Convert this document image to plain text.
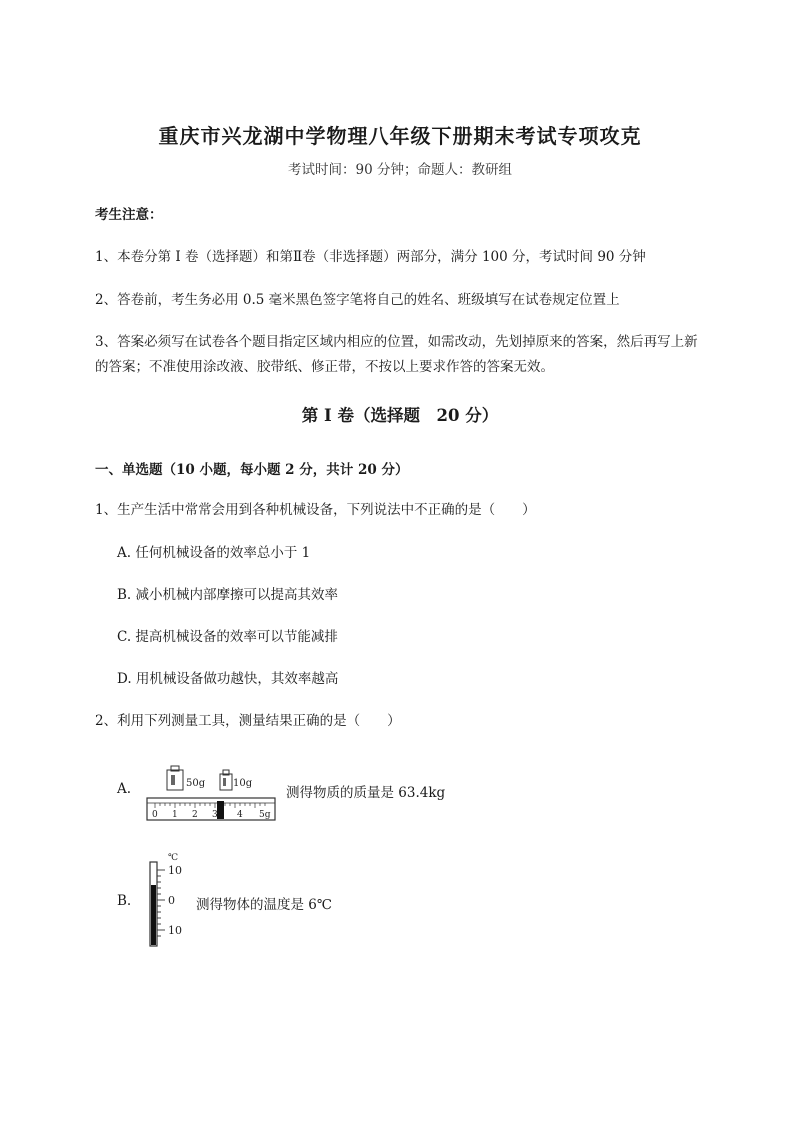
重庆市兴龙湖中学物理八年级下册期末考试专项攻克
考试时间：90 分钟；命题人：教研组
考生注意：
1、本卷分第 I 卷（选择题）和第Ⅱ卷（非选择题）两部分，满分 100 分，考试时间 90 分钟
2、答卷前，考生务必用 0.5 毫米黑色签字笔将自己的姓名、班级填写在试卷规定位置上
3、答案必须写在试卷各个题目指定区域内相应的位置，如需改动，先划掉原来的答案，然后再写上新
的答案；不准使用涂改液、胶带纸、修正带，不按以上要求作答的答案无效。
第 I 卷（选择题　20 分）
一、单选题（10 小题，每小题 2 分，共计 20 分）
1、生产生活中常常会用到各种机械设备，下列说法中不正确的是（　　）
A. 任何机械设备的效率总小于 1
B. 减小机械内部摩擦可以提高其效率
C. 提高机械设备的效率可以节能减排
D. 用机械设备做功越快，其效率越高
2、利用下列测量工具，测量结果正确的是（　　）
A.	50g	10g
0 1 2 3 4 5g
测得物质的质量是 63.4kg
B.
℃
10
0
10
测得物体的温度是 6℃
